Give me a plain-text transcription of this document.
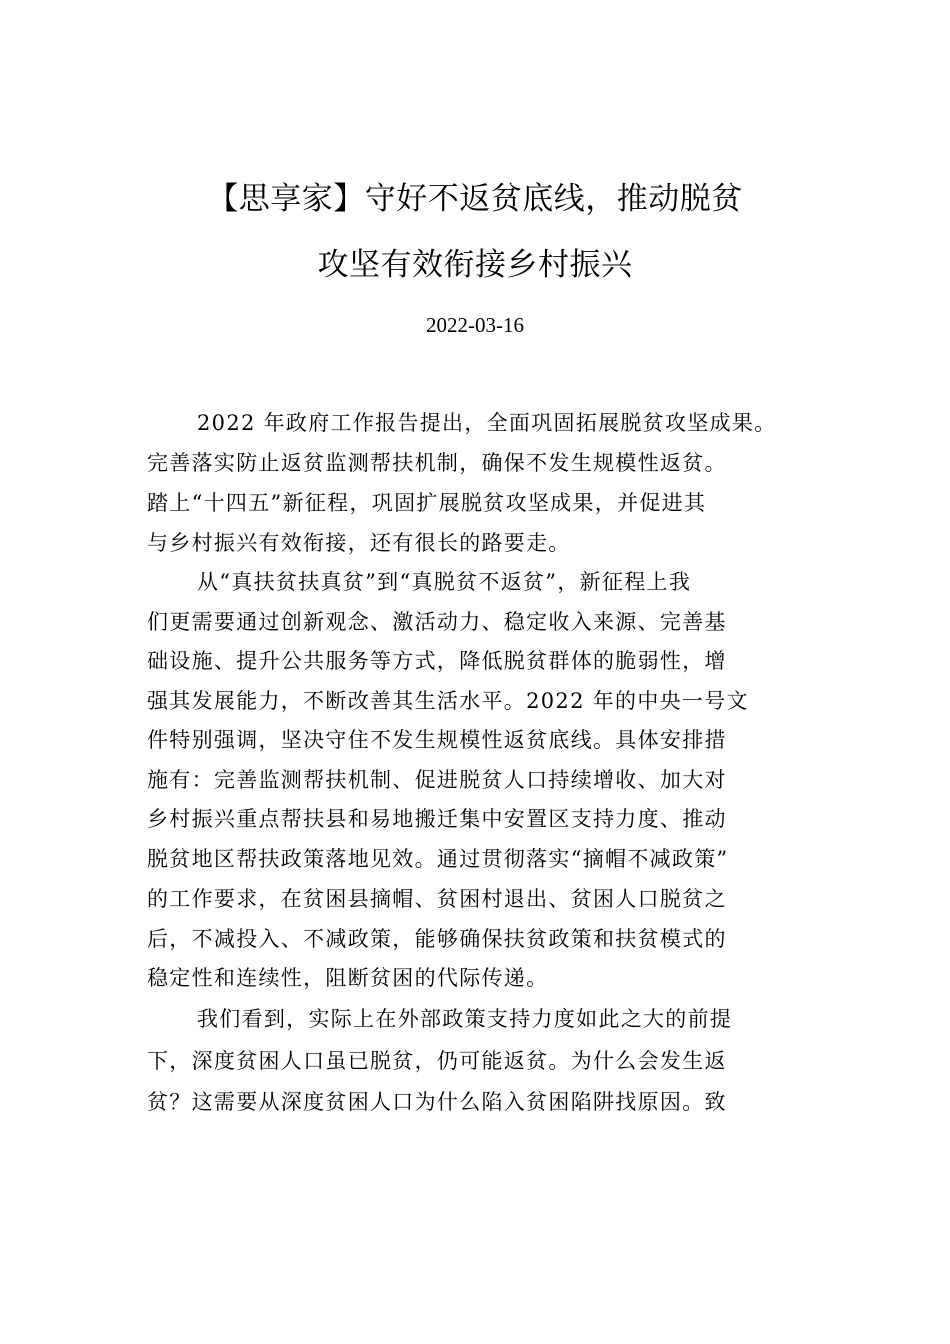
【思享家】守好不返贫底线，推动脱贫
攻坚有效衔接乡村振兴
2022-03-16
2022 年政府工作报告提出，全面巩固拓展脱贫攻坚成果。
完善落实防止返贫监测帮扶机制，确保不发生规模性返贫。
踏上“十四五”新征程，巩固扩展脱贫攻坚成果，并促进其
与乡村振兴有效衔接，还有很长的路要走。
从“真扶贫扶真贫”到“真脱贫不返贫”，新征程上我
们更需要通过创新观念、激活动力、稳定收入来源、完善基
础设施、提升公共服务等方式，降低脱贫群体的脆弱性，增
强其发展能力，不断改善其生活水平。2022 年的中央一号文
件特别强调，坚决守住不发生规模性返贫底线。具体安排措
施有：完善监测帮扶机制、促进脱贫人口持续增收、加大对
乡村振兴重点帮扶县和易地搬迁集中安置区支持力度、推动
脱贫地区帮扶政策落地见效。通过贯彻落实“摘帽不减政策”
的工作要求，在贫困县摘帽、贫困村退出、贫困人口脱贫之
后，不减投入、不减政策，能够确保扶贫政策和扶贫模式的
稳定性和连续性，阻断贫困的代际传递。
我们看到，实际上在外部政策支持力度如此之大的前提
下，深度贫困人口虽已脱贫，仍可能返贫。为什么会发生返
贫？这需要从深度贫困人口为什么陷入贫困陷阱找原因。致
